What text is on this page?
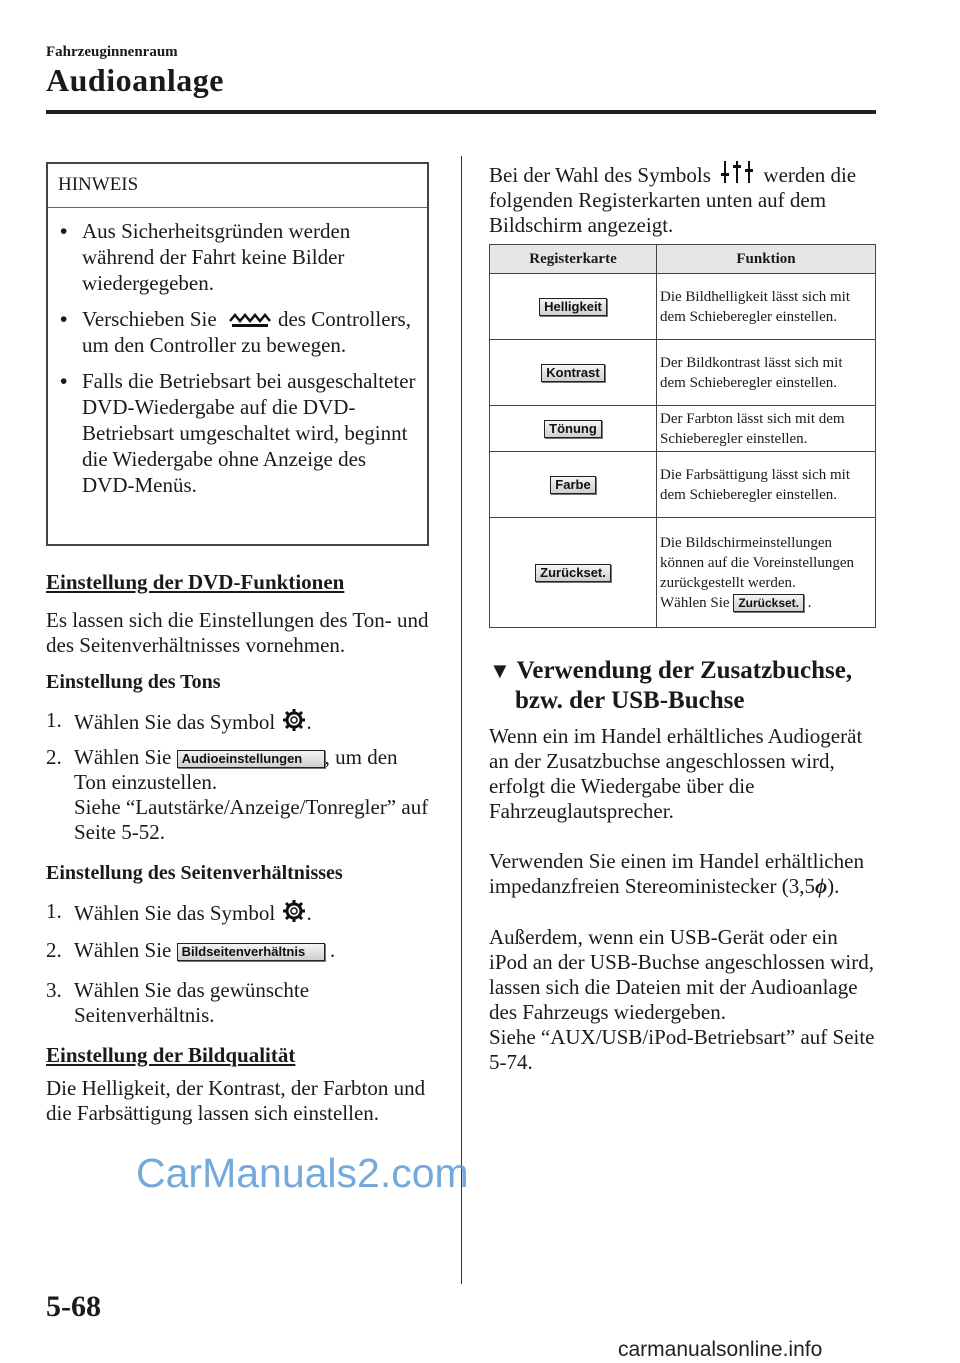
Fahrzeuginnenraum
Audioanlage
HINWEIS
• Aus Sicherheitsgründen werden während der Fahrt keine Bilder wiedergegeben.
• Verschieben Sie	des Controllers, um den Controller zu bewegen.
• Falls die Betriebsart bei ausgeschalteter DVD-Wiedergabe auf die DVD-Betriebsart umgeschaltet wird, beginnt die Wiedergabe ohne Anzeige des DVD-Menüs.
Einstellung der DVD-Funktionen
Es lassen sich die Einstellungen des Ton- und des Seitenverhältnisses vornehmen.
Einstellung des Tons
1. Wählen Sie das Symbol .
2. Wählen Sie Audioeinstellungen , um den Ton einzustellen.
Siehe “Lautstärke/Anzeige/Tonregler” auf Seite 5-52.
Einstellung des Seitenverhältnisses
1. Wählen Sie das Symbol .
2. Wählen Sie Bildseitenverhältnis .
3. Wählen Sie das gewünschte Seitenverhältnis.
Einstellung der Bildqualität
Die Helligkeit, der Kontrast, der Farbton und die Farbsättigung lassen sich einstellen.
Bei der Wahl des Symbols	werden die folgenden Registerkarten unten auf dem Bildschirm angezeigt.
Registerkarte	Funktion
Helligkeit	Die Bildhelligkeit lässt sich mit dem Schieberegler einstellen.
Kontrast	Der Bildkontrast lässt sich mit dem Schieberegler einstellen.
Tönung	Der Farbton lässt sich mit dem Schieberegler einstellen.
Farbe	Die Farbsättigung lässt sich mit dem Schieberegler einstellen.
Zurückset.	Die Bildschirmeinstellungen können auf die Voreinstellungen zurückgestellt werden.
Wählen Sie Zurückset. .
▼ Verwendung der Zusatzbuchse,
bzw. der USB-Buchse
Wenn ein im Handel erhältliches Audiogerät an der Zusatzbuchse angeschlossen wird, erfolgt die Wiedergabe über die Fahrzeuglautsprecher.
Verwenden Sie einen im Handel erhältlichen impedanzfreien Stereoministecker (3,5ϕ).
Außerdem, wenn ein USB-Gerät oder ein iPod an der USB-Buchse angeschlossen wird, lassen sich die Dateien mit der Audioanlage des Fahrzeugs wiedergeben.
Siehe “AUX/USB/iPod-Betriebsart” auf Seite 5-74.
CarManuals2.com
5-68
carmanualsonline.info
